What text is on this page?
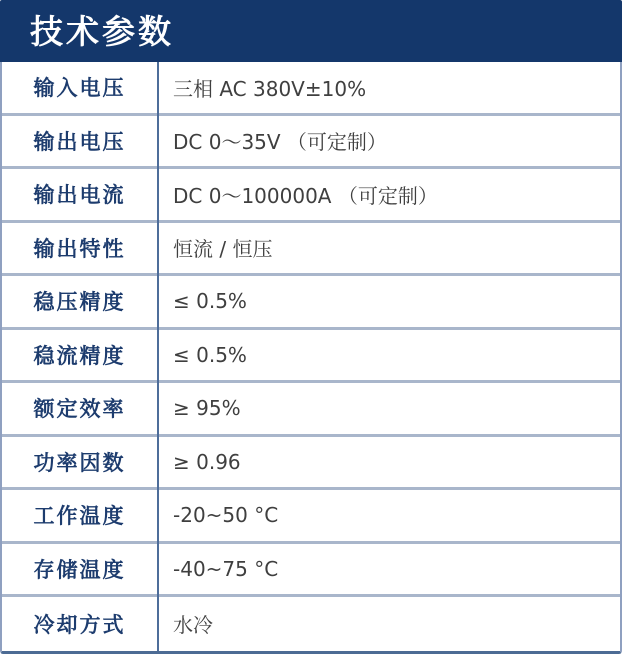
技术参数
输入电压	三相 AC 380V±10%
输出电压	DC 0～35V （可定制）
输出电流	DC 0～100000A （可定制）
输出特性	恒流 / 恒压
稳压精度	≤ 0.5%
稳流精度	≤ 0.5%
额定效率	≥ 95%
功率因数	≥ 0.96
工作温度	-20~50 °C
存储温度	-40~75 °C
冷却方式	水冷
